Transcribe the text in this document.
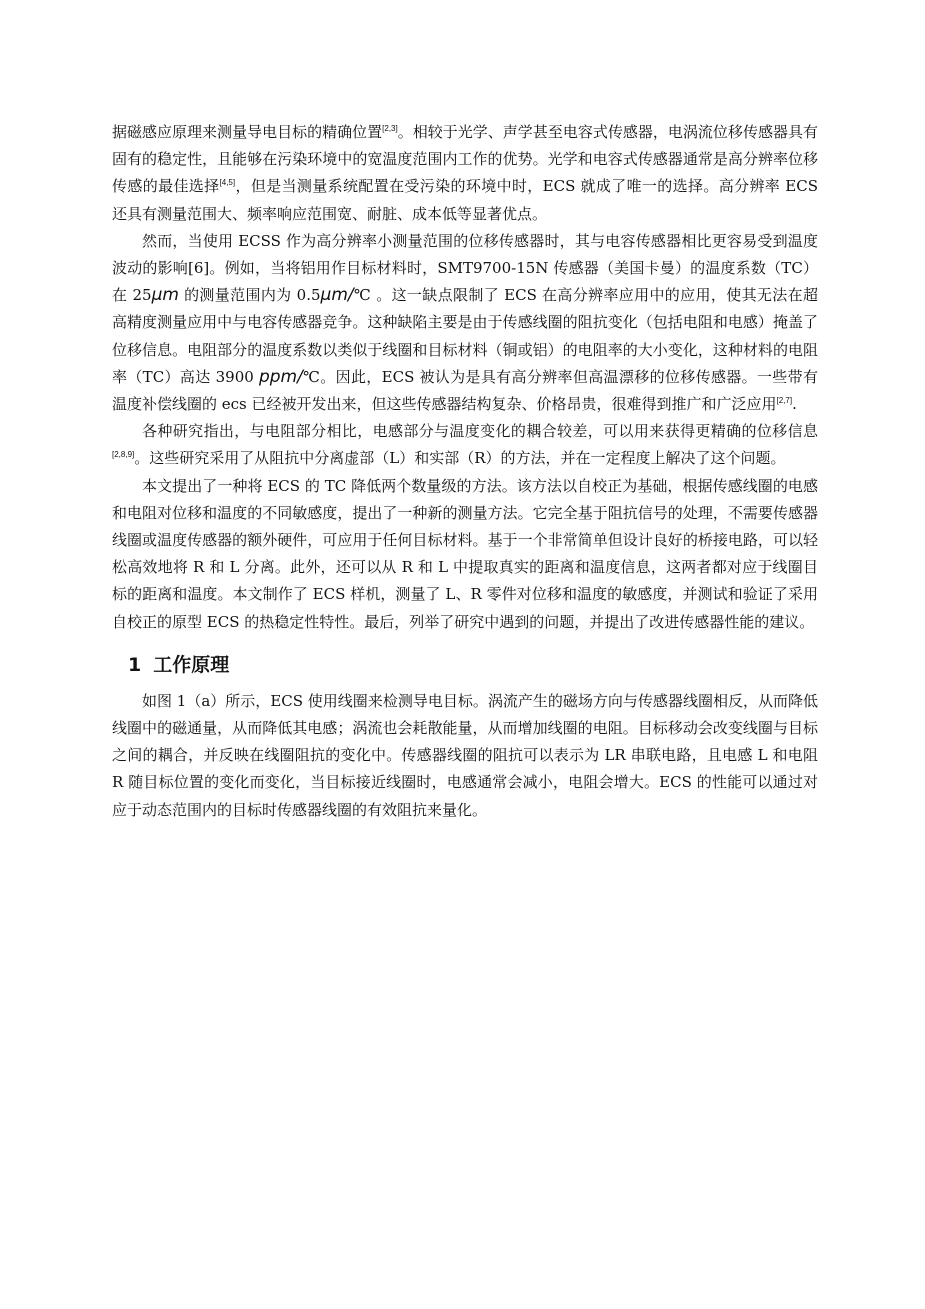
据磁感应原理来测量导电目标的精确位置[2,3]。相较于光学、声学甚至电容式传感器，电涡流位移传感器具有固有的稳定性，且能够在污染环境中的宽温度范围内工作的优势。光学和电容式传感器通常是高分辨率位移传感的最佳选择[4,5]，但是当测量系统配置在受污染的环境中时，ECS 就成了唯一的选择。高分辨率 ECS 还具有测量范围大、频率响应范围宽、耐脏、成本低等显著优点。

然而，当使用 ECSS 作为高分辨率小测量范围的位移传感器时，其与电容传感器相比更容易受到温度波动的影响[6]。例如，当将铝用作目标材料时，SMT9700-15N 传感器（美国卡曼）的温度系数（TC）在 25μm 的测量范围内为 0.5μm/℃ 。这一缺点限制了 ECS 在高分辨率应用中的应用，使其无法在超高精度测量应用中与电容传感器竞争。这种缺陷主要是由于传感线圈的阻抗变化（包括电阻和电感）掩盖了位移信息。电阻部分的温度系数以类似于线圈和目标材料（铜或铝）的电阻率的大小变化，这种材料的电阻率（TC）高达 3900 ppm/℃。因此，ECS 被认为是具有高分辨率但高温漂移的位移传感器。一些带有温度补偿线圈的 ecs 已经被开发出来，但这些传感器结构复杂、价格昂贵，很难得到推广和广泛应用[2,7].

各种研究指出，与电阻部分相比，电感部分与温度变化的耦合较差，可以用来获得更精确的位移信息[2,8,9]。这些研究采用了从阻抗中分离虚部（L）和实部（R）的方法，并在一定程度上解决了这个问题。

本文提出了一种将 ECS 的 TC 降低两个数量级的方法。该方法以自校正为基础，根据传感线圈的电感和电阻对位移和温度的不同敏感度，提出了一种新的测量方法。它完全基于阻抗信号的处理，不需要传感器线圈或温度传感器的额外硬件，可应用于任何目标材料。基于一个非常简单但设计良好的桥接电路，可以轻松高效地将 R 和 L 分离。此外，还可以从 R 和 L 中提取真实的距离和温度信息，这两者都对应于线圈目标的距离和温度。本文制作了 ECS 样机，测量了 L、R 零件对位移和温度的敏感度，并测试和验证了采用自校正的原型 ECS 的热稳定性特性。最后，列举了研究中遇到的问题，并提出了改进传感器性能的建议。

1 工作原理

如图 1（a）所示，ECS 使用线圈来检测导电目标。涡流产生的磁场方向与传感器线圈相反，从而降低线圈中的磁通量，从而降低其电感；涡流也会耗散能量，从而增加线圈的电阻。目标移动会改变线圈与目标之间的耦合，并反映在线圈阻抗的变化中。传感器线圈的阻抗可以表示为 LR 串联电路，且电感 L 和电阻 R 随目标位置的变化而变化，当目标接近线圈时，电感通常会减小，电阻会增大。ECS 的性能可以通过对应于动态范围内的目标时传感器线圈的有效阻抗来量化。
